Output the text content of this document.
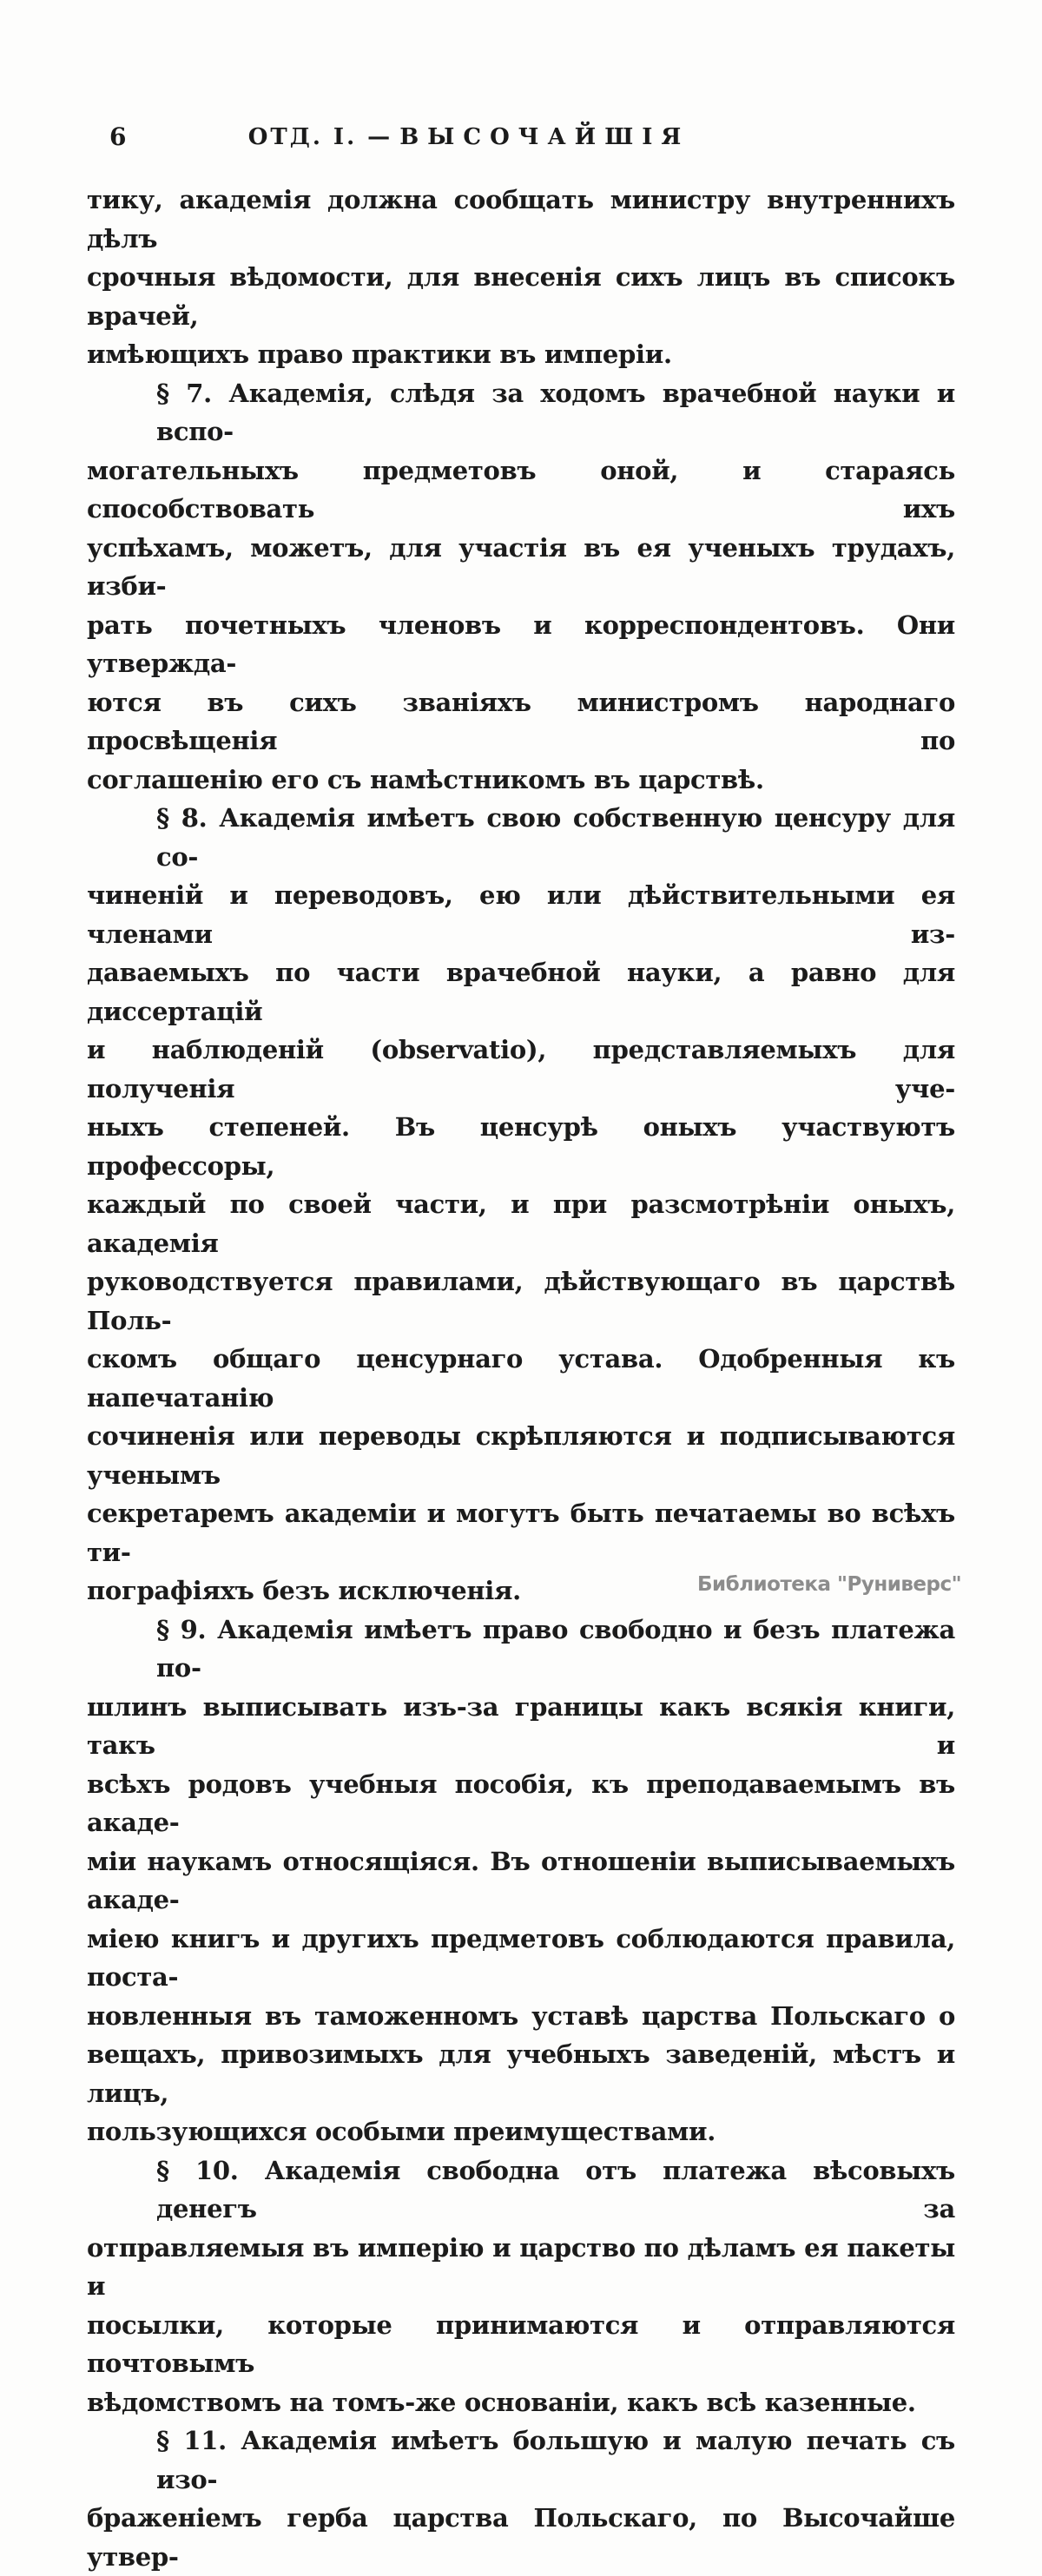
6	ОТД. I. — ВЫСОЧАЙШІЯ
тику, академія должна сообщать министру внутреннихъ дѣлъ
срочныя вѣдомости, для внесенія сихъ лицъ въ списокъ врачей,
имѣющихъ право практики въ имперіи.
§ 7. Академія, слѣдя за ходомъ врачебной науки и вспо-
могательныхъ предметовъ оной, и стараясь способствовать ихъ
успѣхамъ, можетъ, для участія въ ея ученыхъ трудахъ, изби-
рать почетныхъ членовъ и корреспондентовъ. Они утвержда-
ются въ сихъ званіяхъ министромъ народнаго просвѣщенія по
соглашенію его съ намѣстникомъ въ царствѣ.
§ 8. Академія имѣетъ свою собственную ценсуру для со-
чиненій и переводовъ, ею или дѣйствительными ея членами из-
даваемыхъ по части врачебной науки, а равно для диссертацій
и наблюденій (observatio), представляемыхъ для полученія уче-
ныхъ степеней. Въ ценсурѣ оныхъ участвуютъ профессоры,
каждый по своей части, и при разсмотрѣніи оныхъ, академія
руководствуется правилами, дѣйствующаго въ царствѣ Поль-
скомъ общаго ценсурнаго устава. Одобренныя къ напечатанію
сочиненія или переводы скрѣпляются и подписываются ученымъ
секретаремъ академіи и могутъ быть печатаемы во всѣхъ ти-
пографіяхъ безъ исключенія.
§ 9. Академія имѣетъ право свободно и безъ платежа по-
шлинъ выписывать изъ-за границы какъ всякія книги, такъ и
всѣхъ родовъ учебныя пособія, къ преподаваемымъ въ акаде-
міи наукамъ относящіяся. Въ отношеніи выписываемыхъ акаде-
міею книгъ и другихъ предметовъ соблюдаются правила, поста-
новленныя въ таможенномъ уставѣ царства Польскаго о
вещахъ, привозимыхъ для учебныхъ заведеній, мѣстъ и лицъ,
пользующихся особыми преимуществами.
§ 10. Академія свободна отъ платежа вѣсовыхъ денегъ за
отправляемыя въ имперію и царство по дѣламъ ея пакеты и
посылки, которые принимаются и отправляются почтовымъ
вѣдомствомъ на томъ-же основаніи, какъ всѣ казенные.
§ 11. Академія имѣетъ большую и малую печать съ изо-
браженіемъ герба царства Польскаго, по Высочайше утвер-
Библиотека "Руниверс"
